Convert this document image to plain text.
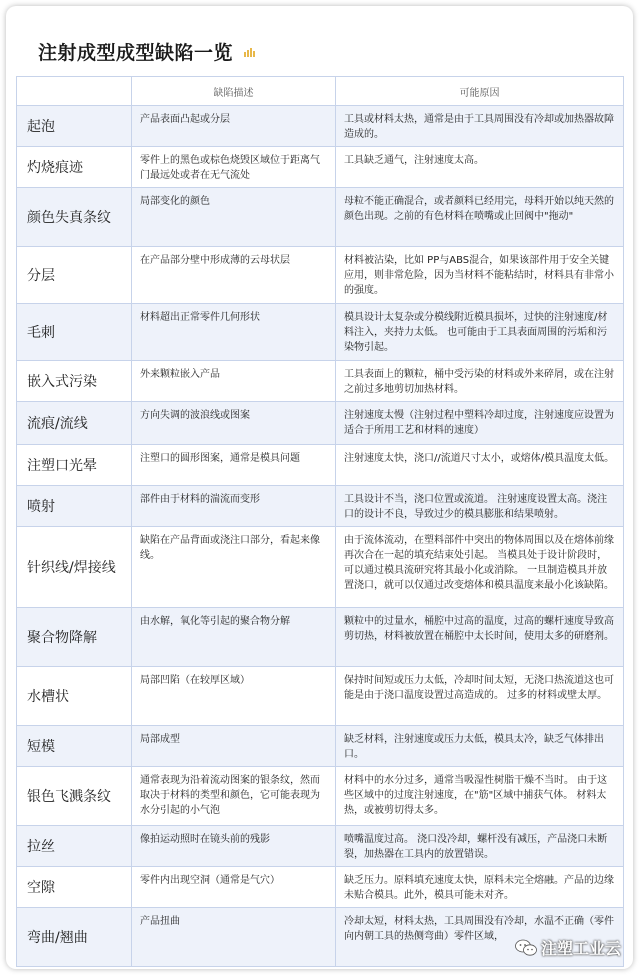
注射成型成型缺陷一览
	缺陷描述	可能原因
起泡	产品表面凸起或分层	工具或材料太热，通常是由于工具周围没有冷却或加热器故障造成的。
灼烧痕迹	零件上的黑色或棕色烧毁区域位于距离气门最远处或者在无气流处	工具缺乏通气，注射速度太高。
颜色失真条纹	局部变化的颜色	母粒不能正确混合，或者颜料已经用完，母料开始以纯天然的颜色出现。之前的有色材料在喷嘴或止回阀中"拖动"
分层	在产品部分壁中形成薄的云母状层	材料被沾染，比如 PP与ABS混合，如果该部件用于安全关键应用，则非常危险，因为当材料不能粘结时，材料具有非常小的强度。
毛刺	材料超出正常零件几何形状	模具设计太复杂或分模线附近模具损坏，过快的注射速度/材料注入，夹持力太低。 也可能由于工具表面周围的污垢和污染物引起。
嵌入式污染	外来颗粒嵌入产品	工具表面上的颗粒，桶中受污染的材料或外来碎屑，或在注射之前过多地剪切加热材料。
流痕/流线	方向失调的波浪线或图案	注射速度太慢（注射过程中塑料冷却过度，注射速度应设置为适合于所用工艺和材料的速度）
注塑口光晕	注塑口的圆形图案，通常是模具问题	注射速度太快，浇口//流道尺寸太小，或熔体/模具温度太低。
喷射	部件由于材料的湍流而变形	工具设计不当，浇口位置或流道。 注射速度设置太高。浇注口的设计不良，导致过少的模具膨胀和结果喷射。
针织线/焊接线	缺陷在产品背面或浇注口部分，看起来像线。	由于流体流动，在塑料部件中突出的物体周围以及在熔体前缘再次合在一起的填充结束处引起。 当模具处于设计阶段时，可以通过模具流研究将其最小化或消除。 一旦制造模具并放置浇口，就可以仅通过改变熔体和模具温度来最小化该缺陷。
聚合物降解	由水解，氧化等引起的聚合物分解	颗粒中的过量水，桶腔中过高的温度，过高的螺杆速度导致高剪切热，材料被放置在桶腔中太长时间，使用太多的研磨剂。
水槽状	局部凹陷（在较厚区域）	保持时间短或压力太低，冷却时间太短，无浇口热流道这也可能是由于浇口温度设置过高造成的。 过多的材料或壁太厚。
短模	局部成型	缺乏材料，注射速度或压力太低，模具太冷，缺乏气体排出口。
银色飞溅条纹	通常表现为沿着流动图案的银条纹，然而取决于材料的类型和颜色，它可能表现为水分引起的小气泡	材料中的水分过多，通常当吸湿性树脂干燥不当时。 由于这些区域中的过度注射速度，在"筋"区域中捕获气体。 材料太热，或被剪切得太多。
拉丝	像拍运动照时在镜头前的残影	喷嘴温度过高。 浇口没冷却，螺杆没有减压，产品浇口未断裂，加热器在工具内的放置错误。
空隙	零件内出现空洞（通常是气穴）	缺乏压力。原料填充速度太快，原料未完全熔融。产品的边缘未贴合模具。此外，模具可能未对齐。
弯曲/翘曲	产品扭曲	冷却太短，材料太热，工具周围没有冷却，水温不正确（零件向内朝工具的热侧弯曲）零件区域，
注塑工业云
